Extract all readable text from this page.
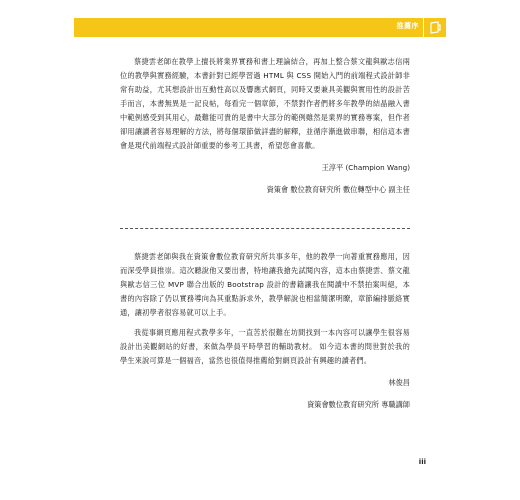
推薦序

蔡捷雲老師在教學上擅長將業界實務和書上理論結合，再加上整合蔡文龍與歐志信兩位的教學與實務經驗，本書針對已經學習過 HTML 與 CSS 開始入門的前端程式設計師非常有助益，尤其想設計出互動性高以及響應式網頁，同時又要兼具美觀與實用性的設計苦手而言，本書無異是一記良帖，每看完一個章節，不禁對作者們將多年教學的結晶融入書中範例感受到其用心，最難能可貴的是書中大部分的範例雖然是業界的實務專案，但作者卻用讓讀者容易理解的方法，將每個環節做詳盡的解釋，並循序漸進做串聯，相信這本書會是現代前端程式設計師重要的參考工具書，希望您會喜歡。

王淳平 (Champion Wang)
資策會 數位教育研究所 數位轉型中心 副主任

蔡捷雲老師與我在資策會數位教育研究所共事多年，他的教學一向著重實務應用，因而深受學員推崇。這次聽說他又要出書，特地讓我搶先試閱內容，這本由蔡捷雲、蔡文龍與歐志信三位 MVP 聯合出版的 Bootstrap 設計的書籍讓我在閱讀中不禁拍案叫絕，本書的內容除了仍以實務導向為其重點訴求外，教學解說也相當簡潔明瞭，章節編排脈絡實通，讓初學者很容易就可以上手。

我從事網頁應用程式教學多年，一直苦於很難在坊間找到一本內容可以讓學生很容易設計出美觀網站的好書，來做為學員平時學習的輔助教材。 如今這本書的問世對於我的學生來說可算是一個福音，當然也很值得推薦給對網頁設計有興趣的讀者們。

林俊昌
資策會數位教育研究所 專職講師
iii
